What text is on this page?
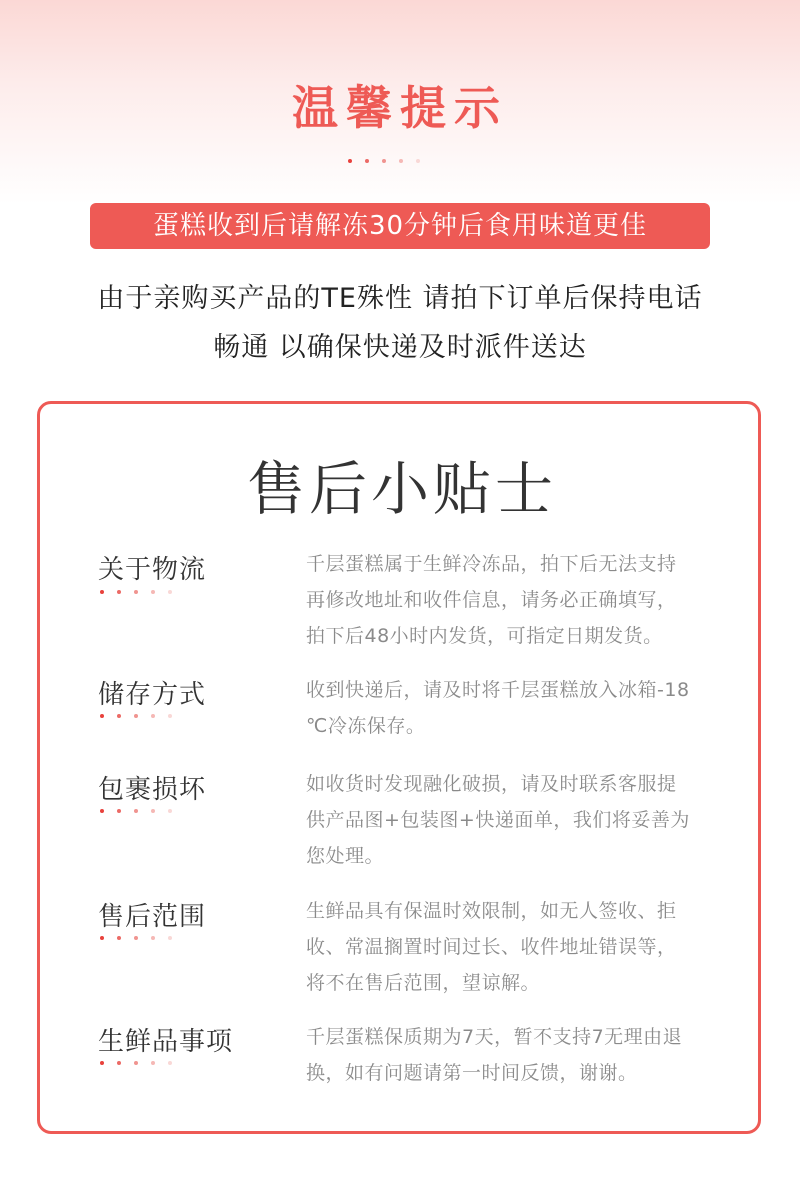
温馨提示
蛋糕收到后请解冻30分钟后食用味道更佳
由于亲购买产品的TE殊性 请拍下订单后保持电话
畅通 以确保快递及时派件送达
售后小贴士
关于物流	千层蛋糕属于生鲜冷冻品，拍下后无法支持
再修改地址和收件信息，请务必正确填写，
拍下后48小时内发货，可指定日期发货。
储存方式	收到快递后，请及时将千层蛋糕放入冰箱-18
℃冷冻保存。
包裹损坏	如收货时发现融化破损，请及时联系客服提
供产品图+包装图+快递面单，我们将妥善为
您处理。
售后范围	生鲜品具有保温时效限制，如无人签收、拒
收、常温搁置时间过长、收件地址错误等，
将不在售后范围，望谅解。
生鲜品事项	千层蛋糕保质期为7天，暂不支持7无理由退
换，如有问题请第一时间反馈，谢谢。
